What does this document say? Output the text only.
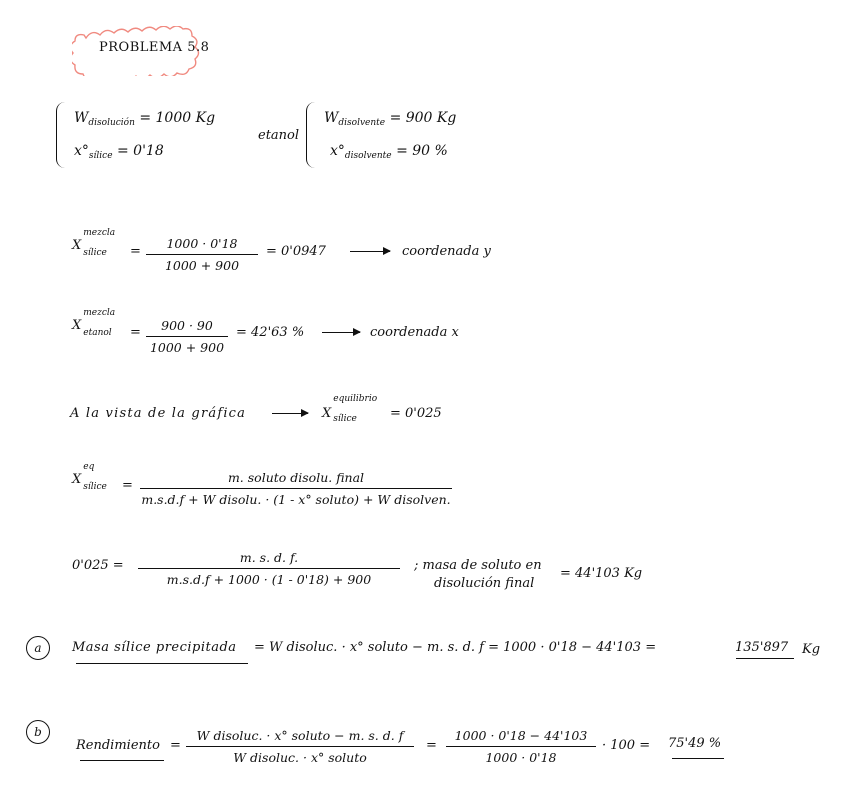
PROBLEMA 5.8
$W_{disolución} = 1000$ Kg
$x^\circ_{sílice} = 0'18$
etanol
$W_{disolvente} = 900$ Kg
$x^\circ_{disolvente} = 90$ %
X
mezcla
sílice =
1000 · 0'18
1000 + 900
= 0'0947	coordenada y
X
mezcla
etanol =	900 · 90
1000 + 900
= 42'63 %	coordenada x
A la vista de la gráfica	X
equilibrio
sílice	= 0'025
X
eq
sílice =
m. soluto disolu. final
m.s.d.f + W disolu. · (1 - x° soluto) + W disolven.
0'025 =
m. s. d. f.
m.s.d.f + 1000 · (1 - 0'18) + 900
; masa de soluto en
disolución final
= 44'103 Kg
a	Masa sílice precipitada = W disoluc. · x° soluto − m. s. d. f = 1000 · 0'18 − 44'103 =	135'897 Kg
b
Rendimiento =
W disoluc. · x° soluto − m. s. d. f
W disoluc. · x° soluto
=
1000 · 0'18 − 44'103
1000 · 0'18
· 100 = 75'49 %
